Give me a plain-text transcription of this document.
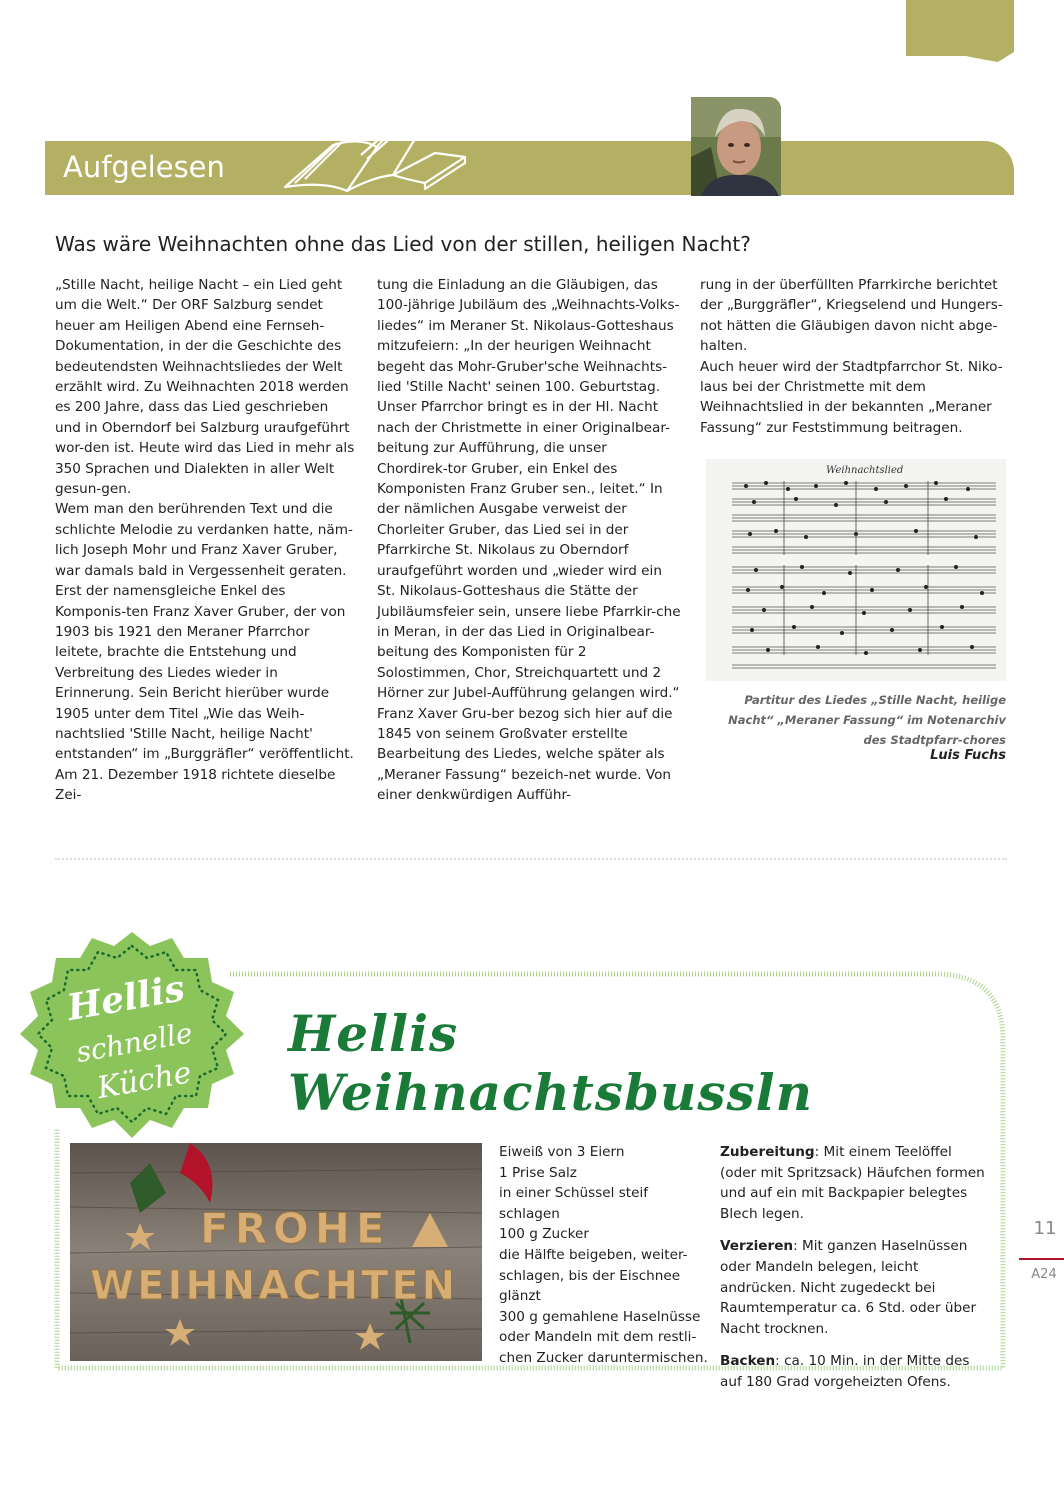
Aufgelesen
Was wäre Weihnachten ohne das Lied von der stillen, heiligen Nacht?

„Stille Nacht, heilige Nacht – ein Lied geht um die Welt.“ Der ORF Salzburg sendet heuer am Heiligen Abend eine Fernseh-Dokumentation, in der die Geschichte des bedeutendsten Weihnachtsliedes der Welt erzählt wird. Zu Weihnachten 2018 werden es 200 Jahre, dass das Lied geschrieben und in Oberndorf bei Salzburg uraufgeführt wor-den ist. Heute wird das Lied in mehr als 350 Sprachen und Dialekten in aller Welt gesun-gen.

Wem man den berührenden Text und die schlichte Melodie zu verdanken hatte, näm-lich Joseph Mohr und Franz Xaver Gruber, war damals bald in Vergessenheit geraten. Erst der namensgleiche Enkel des Komponis-ten Franz Xaver Gruber, der von 1903 bis 1921 den Meraner Pfarrchor leitete, brachte die Entstehung und Verbreitung des Liedes wieder in Erinnerung. Sein Bericht hierüber wurde 1905 unter dem Titel „Wie das Weih-nachtslied 'Stille Nacht, heilige Nacht' entstanden“ im „Burggräfler“ veröffentlicht. Am 21. Dezember 1918 richtete dieselbe Zei-

tung die Einladung an die Gläubigen, das 100-jährige Jubiläum des „Weihnachts-Volks-liedes“ im Meraner St. Nikolaus-Gotteshaus mitzufeiern: „In der heurigen Weihnacht begeht das Mohr-Gruber'sche Weihnachts-lied 'Stille Nacht' seinen 100. Geburtstag. Unser Pfarrchor bringt es in der Hl. Nacht nach der Christmette in einer Originalbear-beitung zur Aufführung, die unser Chordirek-tor Gruber, ein Enkel des Komponisten Franz Gruber sen., leitet.“ In der nämlichen Ausgabe verweist der Chorleiter Gruber, das Lied sei in der Pfarrkirche St. Nikolaus zu Oberndorf uraufgeführt worden und „wieder wird ein St. Nikolaus-Gotteshaus die Stätte der Jubiläumsfeier sein, unsere liebe Pfarrkir-che in Meran, in der das Lied in Originalbear-beitung des Komponisten für 2 Solostimmen, Chor, Streichquartett und 2 Hörner zur Jubel-Aufführung gelangen wird.“ Franz Xaver Gru-ber bezog sich hier auf die 1845 von seinem Großvater erstellte Bearbeitung des Liedes, welche später als „Meraner Fassung“ bezeich-net wurde. Von einer denkwürdigen Aufführ-

rung in der überfüllten Pfarrkirche berichtet der „Burggräfler“, Kriegselend und Hungers-not hätten die Gläubigen davon nicht abge-halten.

Auch heuer wird der Stadtpfarrchor St. Niko-laus bei der Christmette mit dem Weihnachtslied in der bekannten „Meraner Fassung“ zur Feststimmung beitragen.

Weihnachtslied
Partitur des Liedes „Stille Nacht, heilige Nacht“ „Meraner Fassung“ im Notenarchiv des Stadtpfarr-chores
Luis Fuchs
Hellis
schnelle
Küche
Hellis Weihnachtsbussln
FROHE
WEIHNACHTEN
Eiweiß von 3 Eiern
1 Prise Salz
in einer Schüssel steif schlagen
100 g Zucker
die Hälfte beigeben, weiter-schlagen, bis der Eischnee glänzt
300 g gemahlene Haselnüsse oder Mandeln mit dem restli-chen Zucker daruntermischen.

Zubereitung: Mit einem Teelöffel (oder mit Spritzsack) Häufchen formen und auf ein mit Backpapier belegtes Blech legen.

Verzieren: Mit ganzen Haselnüssen oder Mandeln belegen, leicht andrücken. Nicht zugedeckt bei Raumtemperatur ca. 6 Std. oder über Nacht trocknen.

Backen: ca. 10 Min. in der Mitte des auf 180 Grad vorgeheizten Ofens.

11
A24
